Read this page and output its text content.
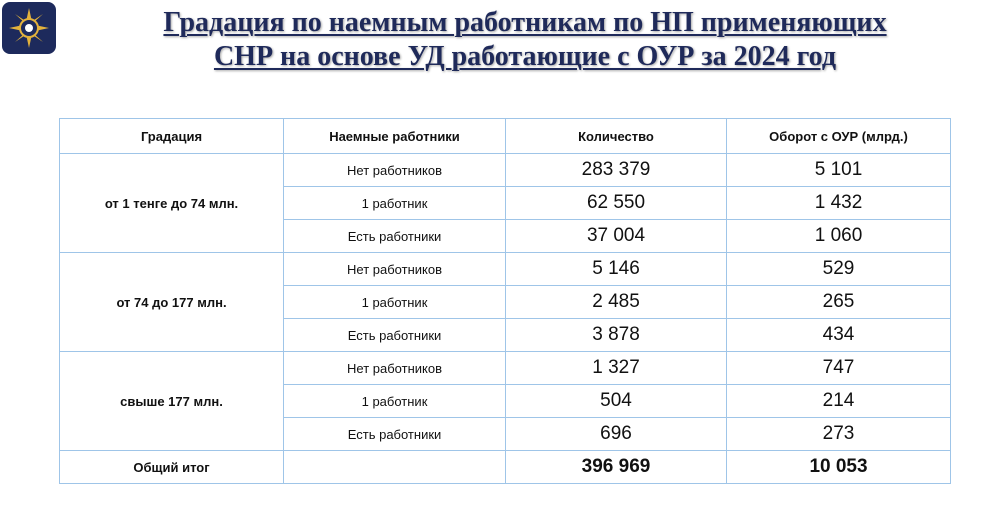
Градация по наемным работникам по НП применяющих
СНР на основе УД работающие с ОУР за 2024 год
Градация	Наемные работники	Количество	Оборот с ОУР (млрд.)
от 1 тенге до 74 млн.	Нет работников	283 379	5 101
	1 работник	62 550	1 432
	Есть работники	37 004	1 060
от 74 до 177 млн.	Нет работников	5 146	529
	1 работник	2 485	265
	Есть работники	3 878	434
свыше 177 млн.	Нет работников	1 327	747
	1 работник	504	214
	Есть работники	696	273
Общий итог		396 969	10 053
